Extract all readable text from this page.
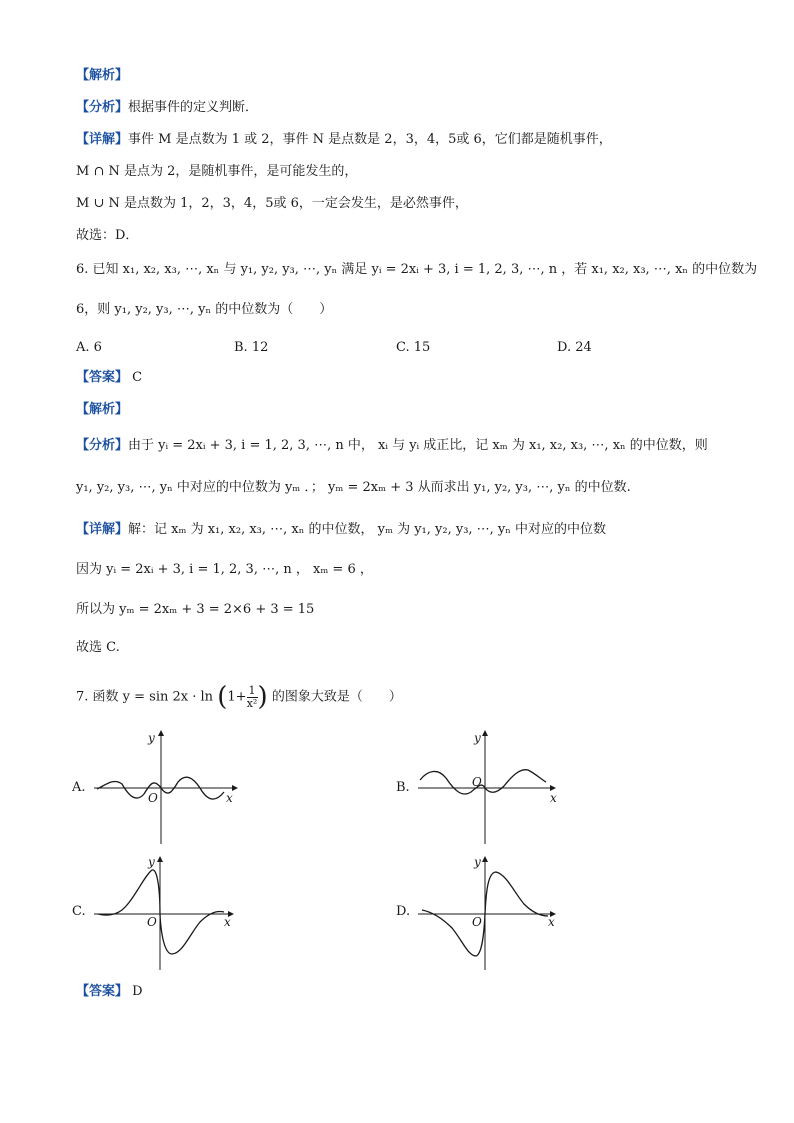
【解析】
【分析】根据事件的定义判断．
【详解】事件 M 是点数为 1 或 2，事件 N 是点数是 2，3，4，5或 6，它们都是随机事件，
M ∩ N 是点为 2，是随机事件，是可能发生的，
M ∪ N 是点数为 1，2，3，4，5或 6，一定会发生，是必然事件，
故选：D．
6. 已知 x₁, x₂, x₃, ⋯, xₙ 与 y₁, y₂, y₃, ⋯, yₙ 满足 yᵢ = 2xᵢ + 3, i = 1, 2, 3, ⋯, n ，若 x₁, x₂, x₃, ⋯, xₙ 的中位数为
6，则 y₁, y₂, y₃, ⋯, yₙ 的中位数为（　　）
A. 6	B. 12	C. 15	D. 24
【答案】 C
【解析】
【分析】由于 yᵢ = 2xᵢ + 3, i = 1, 2, 3, ⋯, n 中， xᵢ 与 yᵢ 成正比，记 xₘ 为 x₁, x₂, x₃, ⋯, xₙ 的中位数，则
y₁, y₂, y₃, ⋯, yₙ 中对应的中位数为 yₘ ．； yₘ = 2xₘ + 3 从而求出 y₁, y₂, y₃, ⋯, yₙ 的中位数.
【详解】解：记 xₘ 为 x₁, x₂, x₃, ⋯, xₙ 的中位数， yₘ 为 y₁, y₂, y₃, ⋯, yₙ 中对应的中位数
因为 yᵢ = 2xᵢ + 3, i = 1, 2, 3, ⋯, n ， xₘ = 6 ，
所以为 yₘ = 2xₘ + 3 = 2×6 + 3 = 15
故选 C.
7. 函数 $y = \sin 2x \cdot \ln (1+ \frac{1}{\text{x²}}$ ) 的图象大致是（　　）
A.	B.
C.	D.
y
x
O
y
x
O
y
x
O
y
x
O
【答案】 D
